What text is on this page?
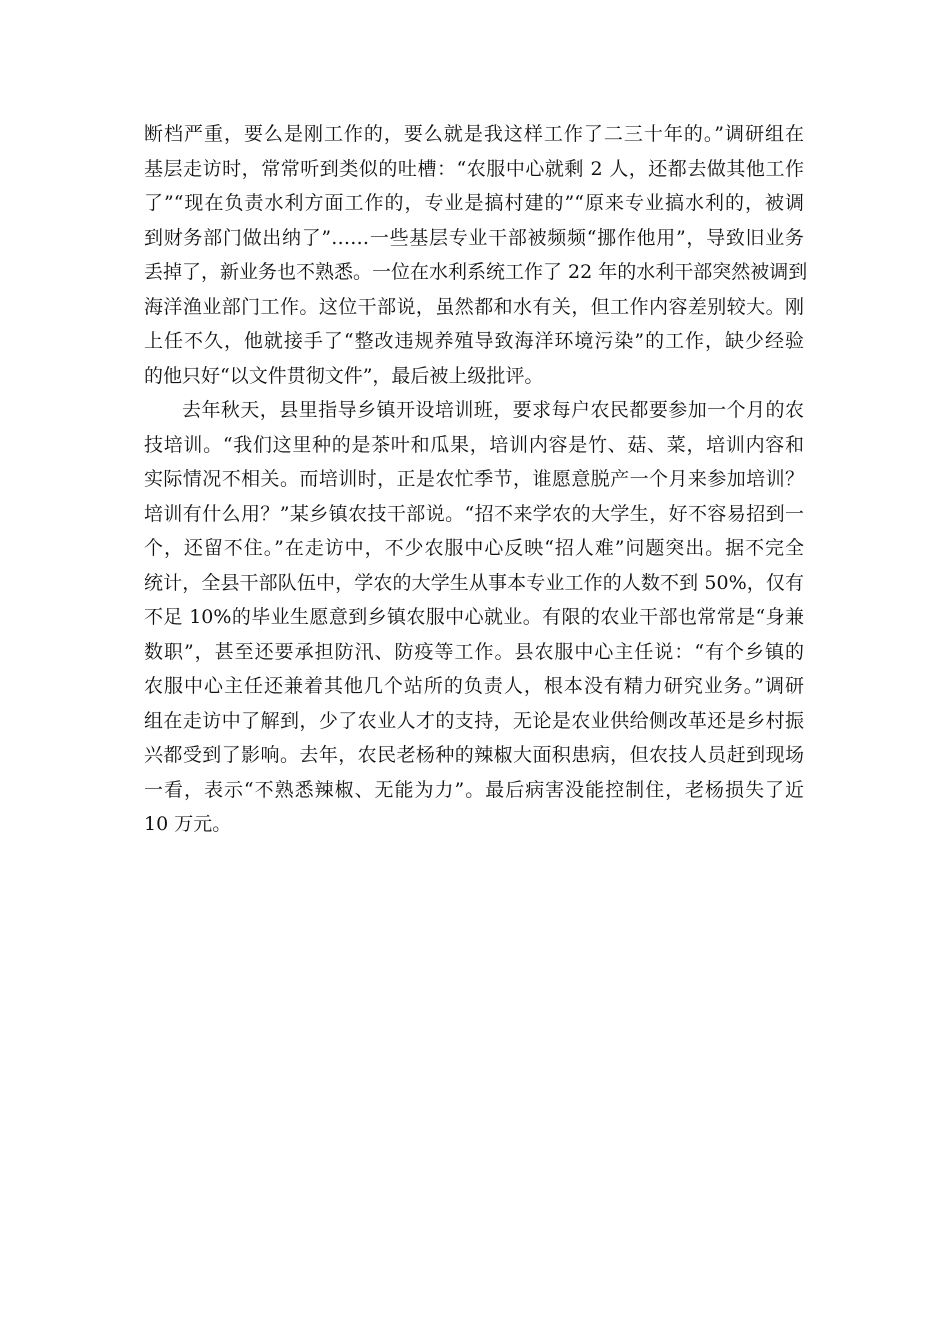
断档严重，要么是刚工作的，要么就是我这样工作了二三十年的。”调研组在
基层走访时，常常听到类似的吐槽：“农服中心就剩 2 人，还都去做其他工作
了”“现在负责水利方面工作的，专业是搞村建的”“原来专业搞水利的，被调
到财务部门做出纳了”……一些基层专业干部被频频“挪作他用”，导致旧业务
丢掉了，新业务也不熟悉。一位在水利系统工作了 22 年的水利干部突然被调到
海洋渔业部门工作。这位干部说，虽然都和水有关，但工作内容差别较大。刚
上任不久，他就接手了“整改违规养殖导致海洋环境污染”的工作，缺少经验
的他只好“以文件贯彻文件”，最后被上级批评。
去年秋天，县里指导乡镇开设培训班，要求每户农民都要参加一个月的农
技培训。“我们这里种的是茶叶和瓜果，培训内容是竹、菇、菜，培训内容和
实际情况不相关。而培训时，正是农忙季节，谁愿意脱产一个月来参加培训？
培训有什么用？”某乡镇农技干部说。“招不来学农的大学生，好不容易招到一
个，还留不住。”在走访中，不少农服中心反映“招人难”问题突出。据不完全
统计，全县干部队伍中，学农的大学生从事本专业工作的人数不到 50%，仅有
不足 10%的毕业生愿意到乡镇农服中心就业。有限的农业干部也常常是“身兼
数职”，甚至还要承担防汛、防疫等工作。县农服中心主任说：“有个乡镇的
农服中心主任还兼着其他几个站所的负责人，根本没有精力研究业务。”调研
组在走访中了解到，少了农业人才的支持，无论是农业供给侧改革还是乡村振
兴都受到了影响。去年，农民老杨种的辣椒大面积患病，但农技人员赶到现场
一看，表示“不熟悉辣椒、无能为力”。最后病害没能控制住，老杨损失了近
10 万元。
